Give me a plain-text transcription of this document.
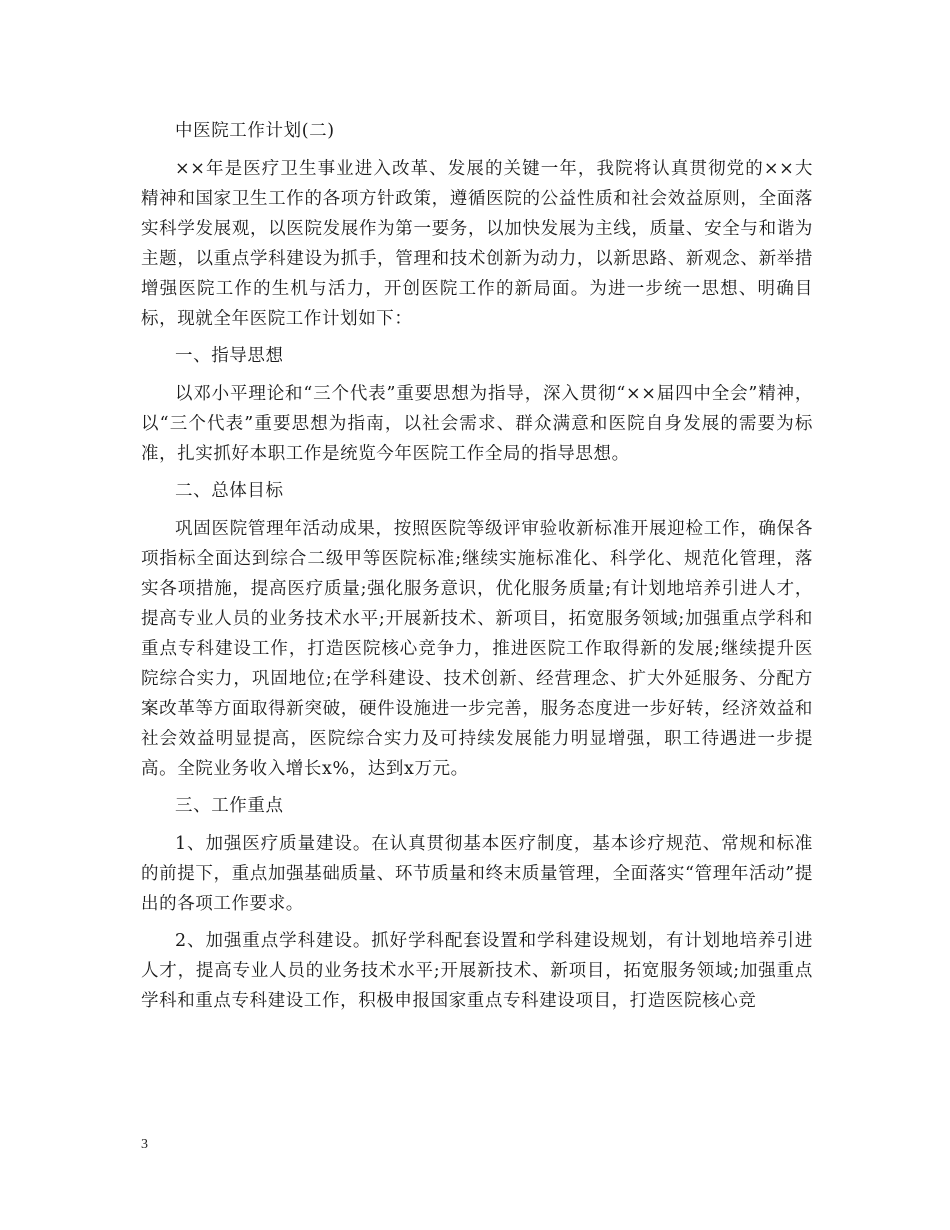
中医院工作计划(二)

××年是医疗卫生事业进入改革、发展的关键一年，我院将认真贯彻党的××大精神和国家卫生工作的各项方针政策，遵循医院的公益性质和社会效益原则，全面落实科学发展观，以医院发展作为第一要务，以加快发展为主线，质量、安全与和谐为主题，以重点学科建设为抓手，管理和技术创新为动力，以新思路、新观念、新举措增强医院工作的生机与活力，开创医院工作的新局面。为进一步统一思想、明确目标，现就全年医院工作计划如下：

一、指导思想

以邓小平理论和“三个代表”重要思想为指导，深入贯彻“××届四中全会”精神，以“三个代表”重要思想为指南，以社会需求、群众满意和医院自身发展的需要为标准，扎实抓好本职工作是统览今年医院工作全局的指导思想。

二、总体目标

巩固医院管理年活动成果，按照医院等级评审验收新标准开展迎检工作，确保各项指标全面达到综合二级甲等医院标准;继续实施标准化、科学化、规范化管理，落实各项措施，提高医疗质量;强化服务意识，优化服务质量;有计划地培养引进人才，提高专业人员的业务技术水平;开展新技术、新项目，拓宽服务领域;加强重点学科和重点专科建设工作，打造医院核心竞争力，推进医院工作取得新的发展;继续提升医院综合实力，巩固地位;在学科建设、技术创新、经营理念、扩大外延服务、分配方案改革等方面取得新突破，硬件设施进一步完善，服务态度进一步好转，经济效益和社会效益明显提高，医院综合实力及可持续发展能力明显增强，职工待遇进一步提高。全院业务收入增长x%，达到x万元。

三、工作重点

1、加强医疗质量建设。在认真贯彻基本医疗制度，基本诊疗规范、常规和标准的前提下，重点加强基础质量、环节质量和终末质量管理，全面落实“管理年活动”提出的各项工作要求。

2、加强重点学科建设。抓好学科配套设置和学科建设规划，有计划地培养引进人才，提高专业人员的业务技术水平;开展新技术、新项目，拓宽服务领域;加强重点学科和重点专科建设工作，积极申报国家重点专科建设项目，打造医院核心竞

3
